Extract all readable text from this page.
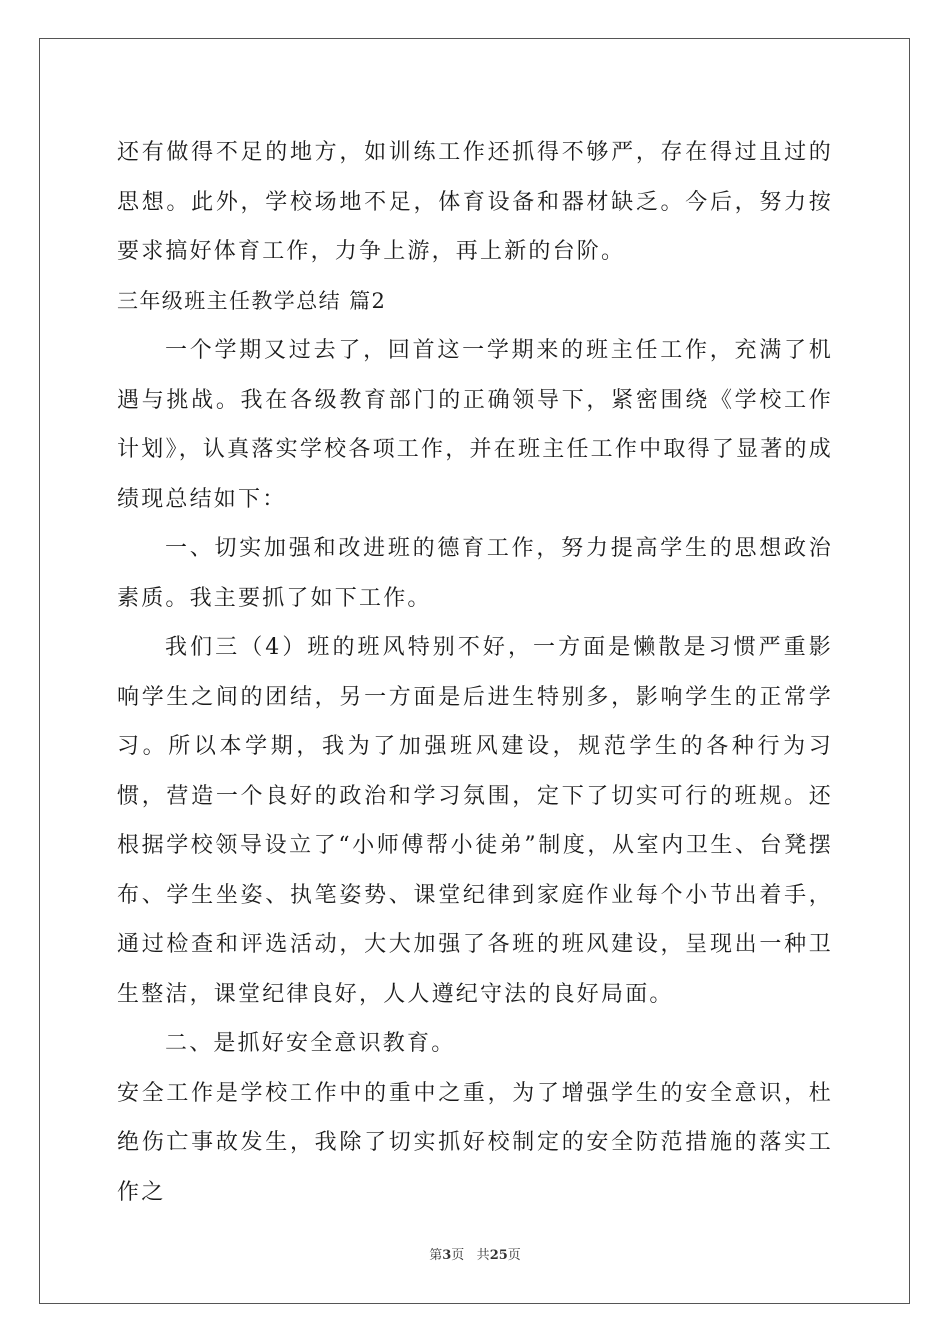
还有做得不足的地方，如训练工作还抓得不够严，存在得过且过的思想。此外，学校场地不足，体育设备和器材缺乏。今后，努力按要求搞好体育工作，力争上游，再上新的台阶。

三年级班主任教学总结 篇2

一个学期又过去了，回首这一学期来的班主任工作，充满了机遇与挑战。我在各级教育部门的正确领导下，紧密围绕《学校工作计划》，认真落实学校各项工作，并在班主任工作中取得了显著的成绩现总结如下：

一、切实加强和改进班的德育工作，努力提高学生的思想政治素质。我主要抓了如下工作。

我们三（4）班的班风特别不好，一方面是懒散是习惯严重影响学生之间的团结，另一方面是后进生特别多，影响学生的正常学习。所以本学期，我为了加强班风建设，规范学生的各种行为习惯，营造一个良好的政治和学习氛围，定下了切实可行的班规。还根据学校领导设立了“小师傅帮小徒弟”制度，从室内卫生、台凳摆布、学生坐姿、执笔姿势、课堂纪律到家庭作业每个小节出着手，通过检查和评选活动，大大加强了各班的班风建设，呈现出一种卫生整洁，课堂纪律良好，人人遵纪守法的良好局面。

二、是抓好安全意识教育。

安全工作是学校工作中的重中之重，为了增强学生的安全意识，杜绝伤亡事故发生，我除了切实抓好校制定的安全防范措施的落实工作之

第3页 共25页
